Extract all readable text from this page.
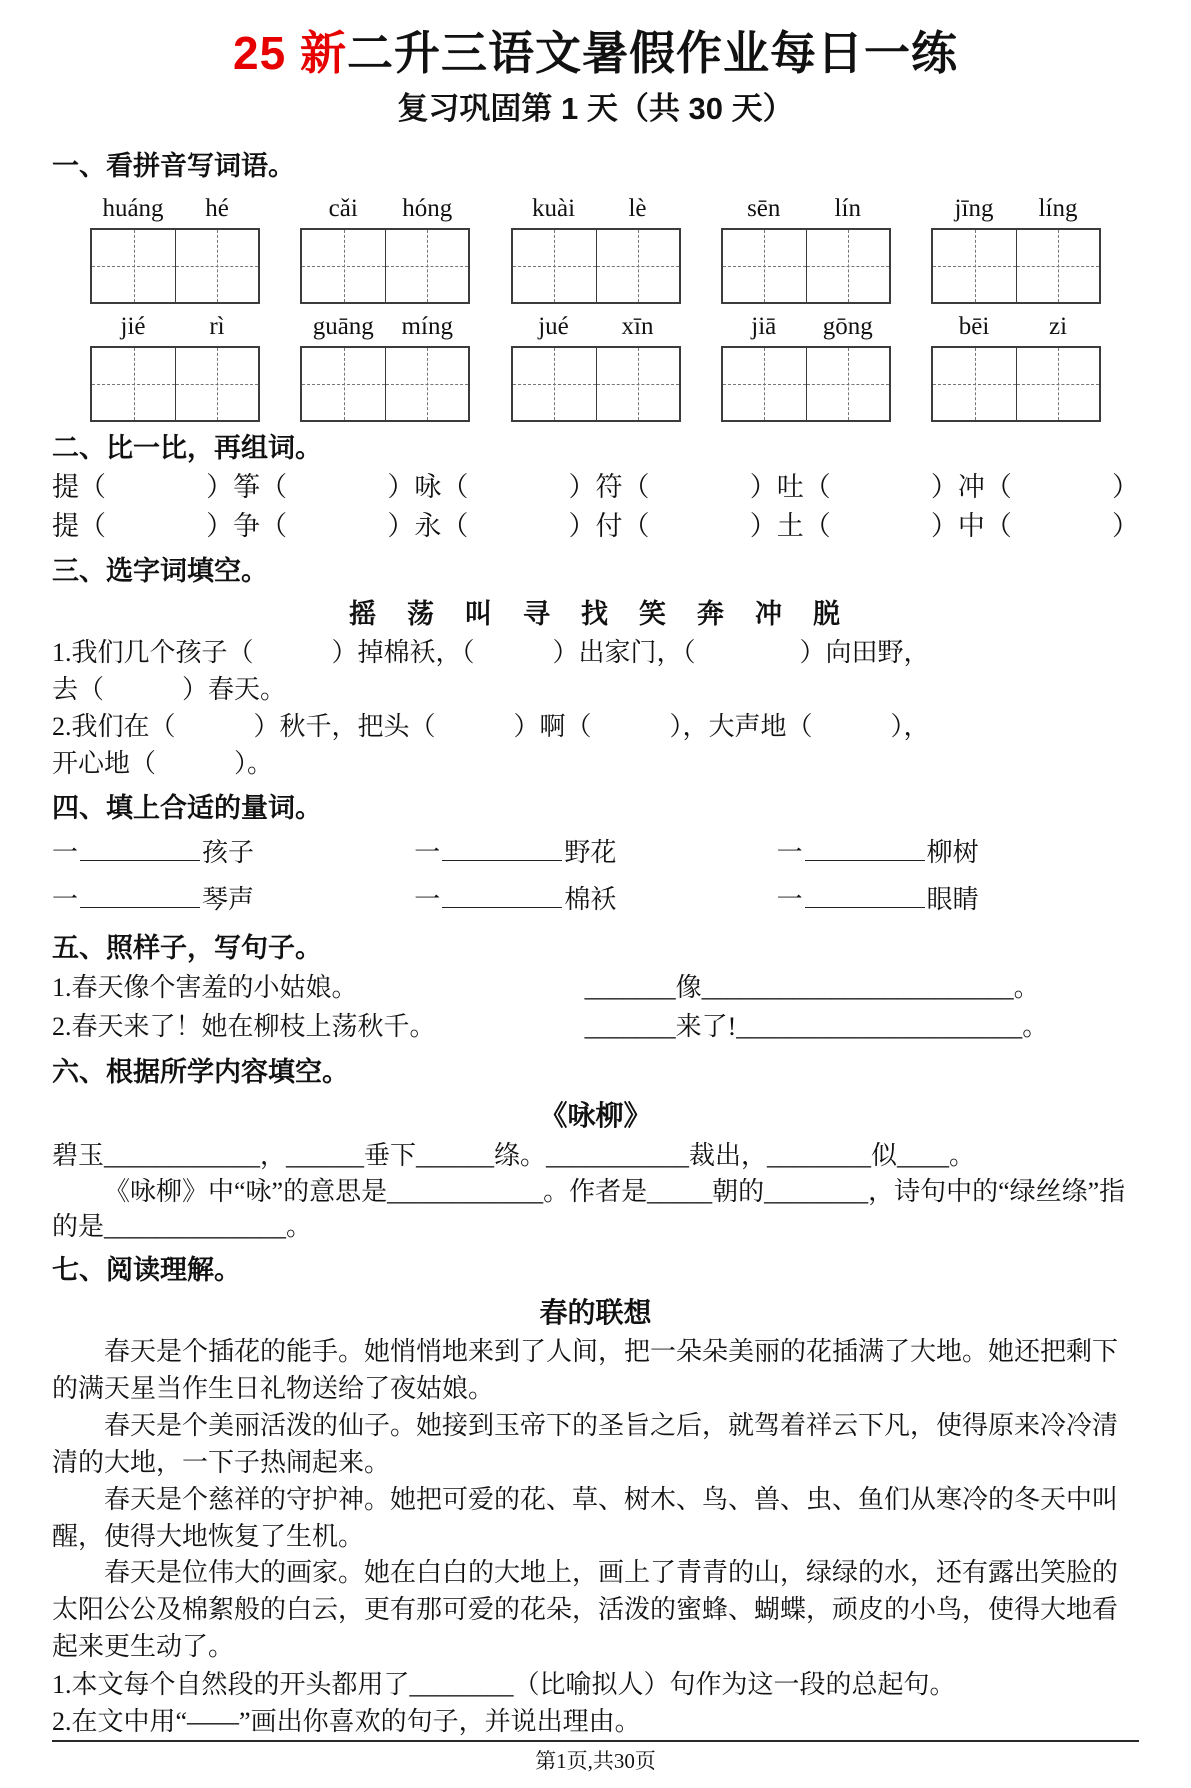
25 新二升三语文暑假作业每日一练
复习巩固第 1 天（共 30 天）
一、看拼音写词语。
huáng	hé	cǎi	hóng	kuài	lè	sēn	lín	jīng	líng
jié	rì	guāng	míng	jué	xīn	jiā	gōng	bēi	zi
二、比一比，再组词。
提 （	） 筝 （	） 咏 （	） 符 （	） 吐 （	） 冲 （	）
提 （	） 争 （	） 永 （	） 付 （	） 土 （	） 中 （	）
三、选字词填空。
摇　荡　叫　寻　找　笑　奔　冲　脱
1.我们几个孩子（　　　）掉棉袄，（　　　）出家门，（　　　　）向田野，
去（　　　）春天。
2.我们在（　　　）秋千，把头（　　　）啊（　　　），大声地（　　　），
开心地（　　　）。
四、填上合适的量词。
一	孩子	一	野花	一	柳树
一	琴声	一	棉袄	一	眼睛
五、照样子，写句子。
1.春天像个害羞的小姑娘。	_______像________________________。
2.春天来了！她在柳枝上荡秋千。	_______来了!______________________。
六、根据所学内容填空。
《咏柳》
碧玉____________，______垂下______绦。___________裁出，________似____。

《咏柳》中“咏”的意思是____________。作者是_____朝的________，诗句中的“绿丝绦”指的是______________。

七、阅读理解。
春的联想

春天是个插花的能手。她悄悄地来到了人间，把一朵朵美丽的花插满了大地。她还把剩下的满天星当作生日礼物送给了夜姑娘。

春天是个美丽活泼的仙子。她接到玉帝下的圣旨之后，就驾着祥云下凡，使得原来冷冷清清的大地，一下子热闹起来。

春天是个慈祥的守护神。她把可爱的花、草、树木、鸟、兽、虫、鱼们从寒冷的冬天中叫醒，使得大地恢复了生机。

春天是位伟大的画家。她在白白的大地上，画上了青青的山，绿绿的水，还有露出笑脸的太阳公公及棉絮般的白云，更有那可爱的花朵，活泼的蜜蜂、蝴蝶，顽皮的小鸟，使得大地看起来更生动了。

1.本文每个自然段的开头都用了________（比喻拟人）句作为这一段的总起句。
2.在文中用“——”画出你喜欢的句子，并说出理由。
第1页,共30页
